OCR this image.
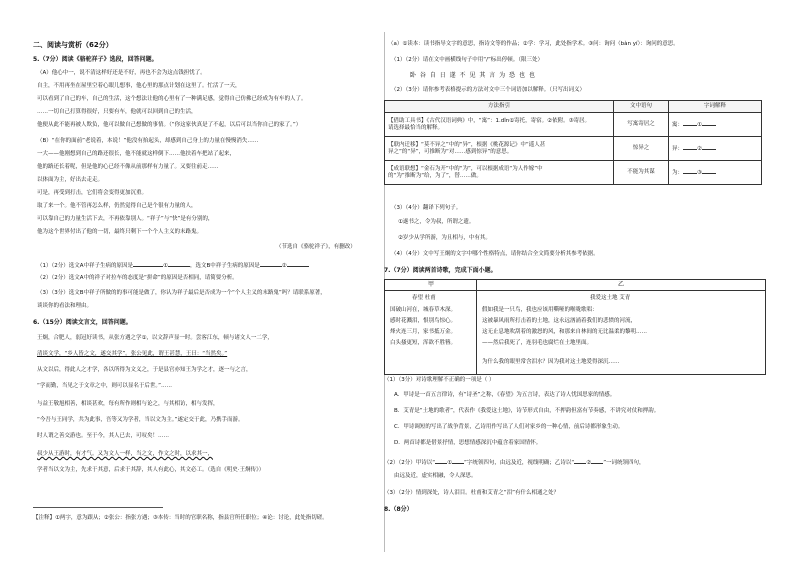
二、阅读与赏析（62分）
5.（7分）阅读《骆驼祥子》选段，回答问题。
（A）他心中一，说不清这样好还是不好，再也不会为这点钱担忧了。
自主，不用再坐在屋里空着心眼儿想事，他心里的那点计划在这里了。忙活了一天，
可以看到了自己的车，自己的生活，这个想法让他的心里有了一种满足感，觉得自己仿佛已经成为有车的人了。
……一切自己打算得很好，只要有车，他就可以回到自己的生活，
他便从此不能再被人欺负，他可以做自己想做的事情。（“你这家伙真是了不起，以后可以当你自己的家了。”）
（B）“在你的面前”老说着，本说！”他没有抬起头，却感到自己身上的力量在慢慢消失……
一大——他刚想到自己的路还很长，他不能就这样倒下……他扶着车把站了起来，
他的路还长着呢，但是他的心已经不像从前那样有力量了。又要往前走……
以体面为主，好出去走走。
可是，再受到打击，它们将会变得更加沉重。
取了来一个。他不管再怎么样，仍然觉得自己是个很有力量的人，
可以靠自己的力量生活下去，不再依靠别人。“祥子”与“快”是有分别的，
他为这个世界付出了他的一切，最终只剩下一个个人主义的末路鬼。
（节选自《骆驼祥子》，有删改）
（1）（2分）选文A中祥子生病的原因是	①	，选文B中祥子生病的原因是	②
（2）（2分）选文A中的祥子对拉车的态度是“拼命”的原因是否相同，请简要分析。
（3）（3分）选文B中祥子所做的的事可能是做了，你认为祥子最后是否成为一个“个人主义的末路鬼”吗？请联系原著，
谈谈你的看法和理由。
6.（15分）阅读文言文，回答问题。
王炯，合肥人，弱冠好读书，从张方遇之学①，以文辞声显一时。尝客江东，顿与诸文人一二学，
清谈文学，“乡人皆之文，遂交其学”。张公见此，谓王甚慧，王曰：“当然矣。”
从文以后，得此人之才学，各以所得为文义之，于是县官亦知王为学之才，逐一与之言，
“学而勤，当见之于文章之中，则可以显名于后世。”……
与益王敬旭相善，相谈甚欢，每有所作则相与论之，与其相访，相与发挥，
“今吾与王同学，共为此事，吾等又为学者，当以文为主。”遂定交于此，乃携手而游。
时人谓之善交游也。至于今，其人已去，可叹矣！……
叔少从王游时，有才气。又为文人一样，当之文，作文之时，以求其一，
学者当以文为主，先求于其意，后求于其辞，其人有此心，其文必工。（选自《明史·王烔传》）
【注释】①两字，意为跟从；②张公：指张方遇；③本传：当时的官职名称，指县官所任职位；④论：讨论，此处指切磋。
（a）①读本：读书指导文字的意思，指诗文等的作品；②学：学习，此处指学术。③问：询问（bàn yí）：询问的意思。
（1）（2分）请在文中画横线句子中用“/”标出停顿。（限三处）
卧 谷 自 日 遂 不 见 其 言 为 恐 也 也
（2）（3分）请你参考表格提示的方法对文中三个词语加以解释。（只写出词义）
方法指引	文中语句	字词解释

【借助工具书】《古代汉语词典》中，“寓”：1.dǐn①寄托，寄宿。②依附。③寄居。
请选择最恰当的解释。	写寓寄居之	寓： ①

【联内迁移】“莫不异之”中的“异”，根据《桃花源记》中“遥人甚
异之”的“异”，可推断为“对……感到惊异”的意思。	惊异之	异： ②

【成语联想】“金石为开”中的“为”，可以根据成语“为人作嫁”中
的“为”推断为“给，为了”，替……做。	不能为其谋	为： ③
（3）（4分）翻译下列句子。
①遂书之，令为叔，所谓之遗。
②岁少从学所游，为且相与，中有其。
（4）（4分）文中写王炯的文字中哪个性格特点，请你结合全文简要分析其参考依据。
7.（7分）阅读两首诗歌，完成下面小题。
甲	乙
春望 杜甫
国破山河在，城春草木深。
感时花溅泪，恨别鸟惊心。
烽火连三月，家书抵万金。
白头搔更短，浑欲不胜簪。
我爱这土地 艾青
假如我是一只鸟，我也应该用嘶哑的喉咙歌唱：
这被暴风雨所打击着的土地，这永远汹涌着我们的悲愤的河流，
这无止息地吹刮着的激怒的风，和那来自林间的无比温柔的黎明……
——然后我死了，连羽毛也腐烂在土地里面。
为什么我的眼里常含泪水？因为我对这土地爱得深沉……
（1）（3分）对诗歌理解不正确的一项是（ ）
A．甲诗是一首五言律诗，有“诗圣”之称，《春望》为五言诗，表达了诗人忧国思家的情感。
B．艾青是“土地的歌者”，代表作《我爱这土地》，诗节形式自由，不押韵但富有节奏感，不讲究对仗和押韵。
C．甲诗调短的写出了战争背景，乙诗用作写出了人们对家乡的一种心情，前后诗都形象生动。
D．两首诗都是借景抒情，思想情感深沉中蕴含着家国情怀。
（2）（2分）甲诗以“ ① ”字统领四句，由远及近，视线明确；乙诗以“ ② ”一词统领四句，
由远及近，虚实相融，令人深思。
（3）（2分）情到深处，诗人泪目。杜甫和艾青之“泪”有什么相通之处？
8.（8分）
